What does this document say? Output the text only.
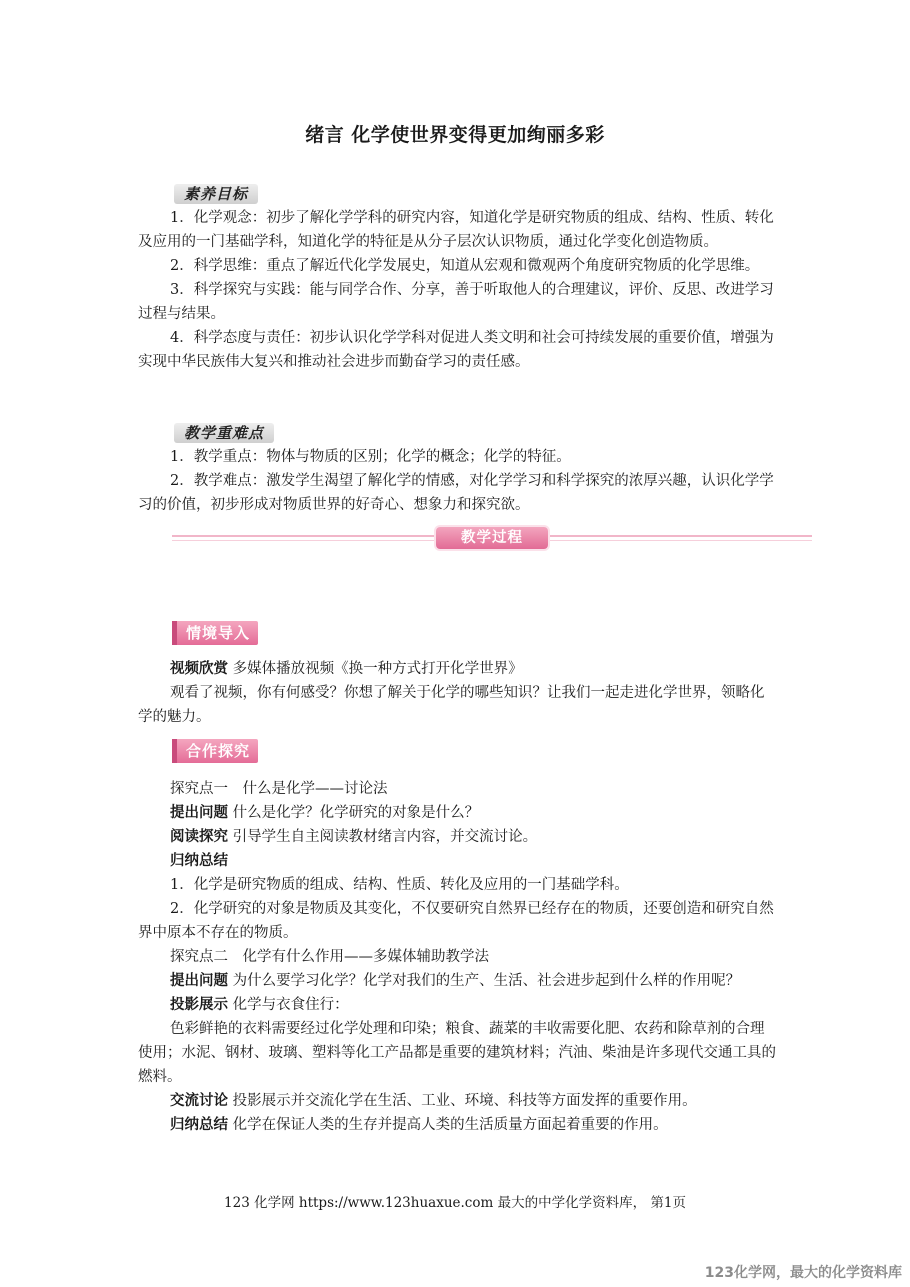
绪言 化学使世界变得更加绚丽多彩
素养目标

1．化学观念：初步了解化学学科的研究内容，知道化学是研究物质的组成、结构、性质、转化及应用的一门基础学科，知道化学的特征是从分子层次认识物质，通过化学变化创造物质。

2．科学思维：重点了解近代化学发展史，知道从宏观和微观两个角度研究物质的化学思维。

3．科学探究与实践：能与同学合作、分享，善于听取他人的合理建议，评价、反思、改进学习过程与结果。

4．科学态度与责任：初步认识化学学科对促进人类文明和社会可持续发展的重要价值，增强为实现中华民族伟大复兴和推动社会进步而勤奋学习的责任感。

教学重难点

1．教学重点：物体与物质的区别；化学的概念；化学的特征。

2．教学难点：激发学生渴望了解化学的情感，对化学学习和科学探究的浓厚兴趣，认识化学学习的价值，初步形成对物质世界的好奇心、想象力和探究欲。

教学过程
情境导入

视频欣赏 多媒体播放视频《换一种方式打开化学世界》

观看了视频，你有何感受？你想了解关于化学的哪些知识？让我们一起走进化学世界，领略化学的魅力。

合作探究

探究点一　什么是化学——讨论法

提出问题 什么是化学？化学研究的对象是什么？

阅读探究 引导学生自主阅读教材绪言内容，并交流讨论。

归纳总结

1．化学是研究物质的组成、结构、性质、转化及应用的一门基础学科。

2．化学研究的对象是物质及其变化，不仅要研究自然界已经存在的物质，还要创造和研究自然界中原本不存在的物质。

探究点二　化学有什么作用——多媒体辅助教学法

提出问题 为什么要学习化学？化学对我们的生产、生活、社会进步起到什么样的作用呢？

投影展示 化学与衣食住行：

色彩鲜艳的衣料需要经过化学处理和印染；粮食、蔬菜的丰收需要化肥、农药和除草剂的合理使用；水泥、钢材、玻璃、塑料等化工产品都是重要的建筑材料；汽油、柴油是许多现代交通工具的燃料。

交流讨论 投影展示并交流化学在生活、工业、环境、科技等方面发挥的重要作用。

归纳总结 化学在保证人类的生存并提高人类的生活质量方面起着重要的作用。

123 化学网 https://www.123huaxue.com 最大的中学化学资料库， 第1页
123化学网，最大的化学资料库
